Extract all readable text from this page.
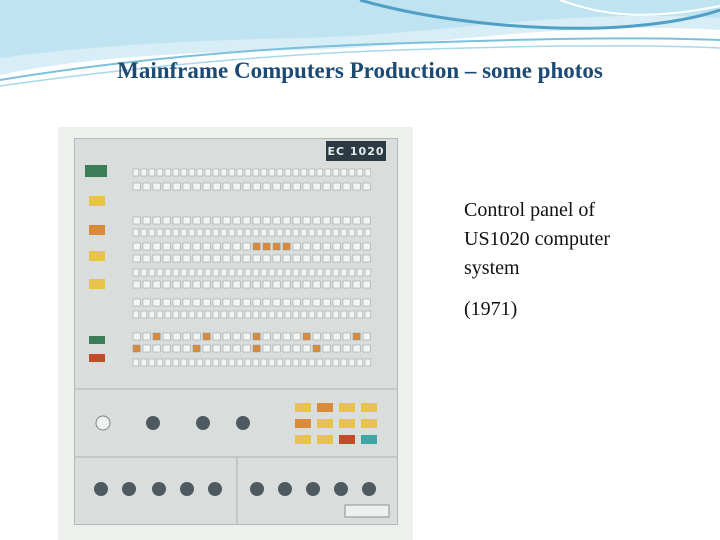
Mainframe Computers Production – some photos
ЕС 1020
Control panel of
US1020 computer
system
(1971)
